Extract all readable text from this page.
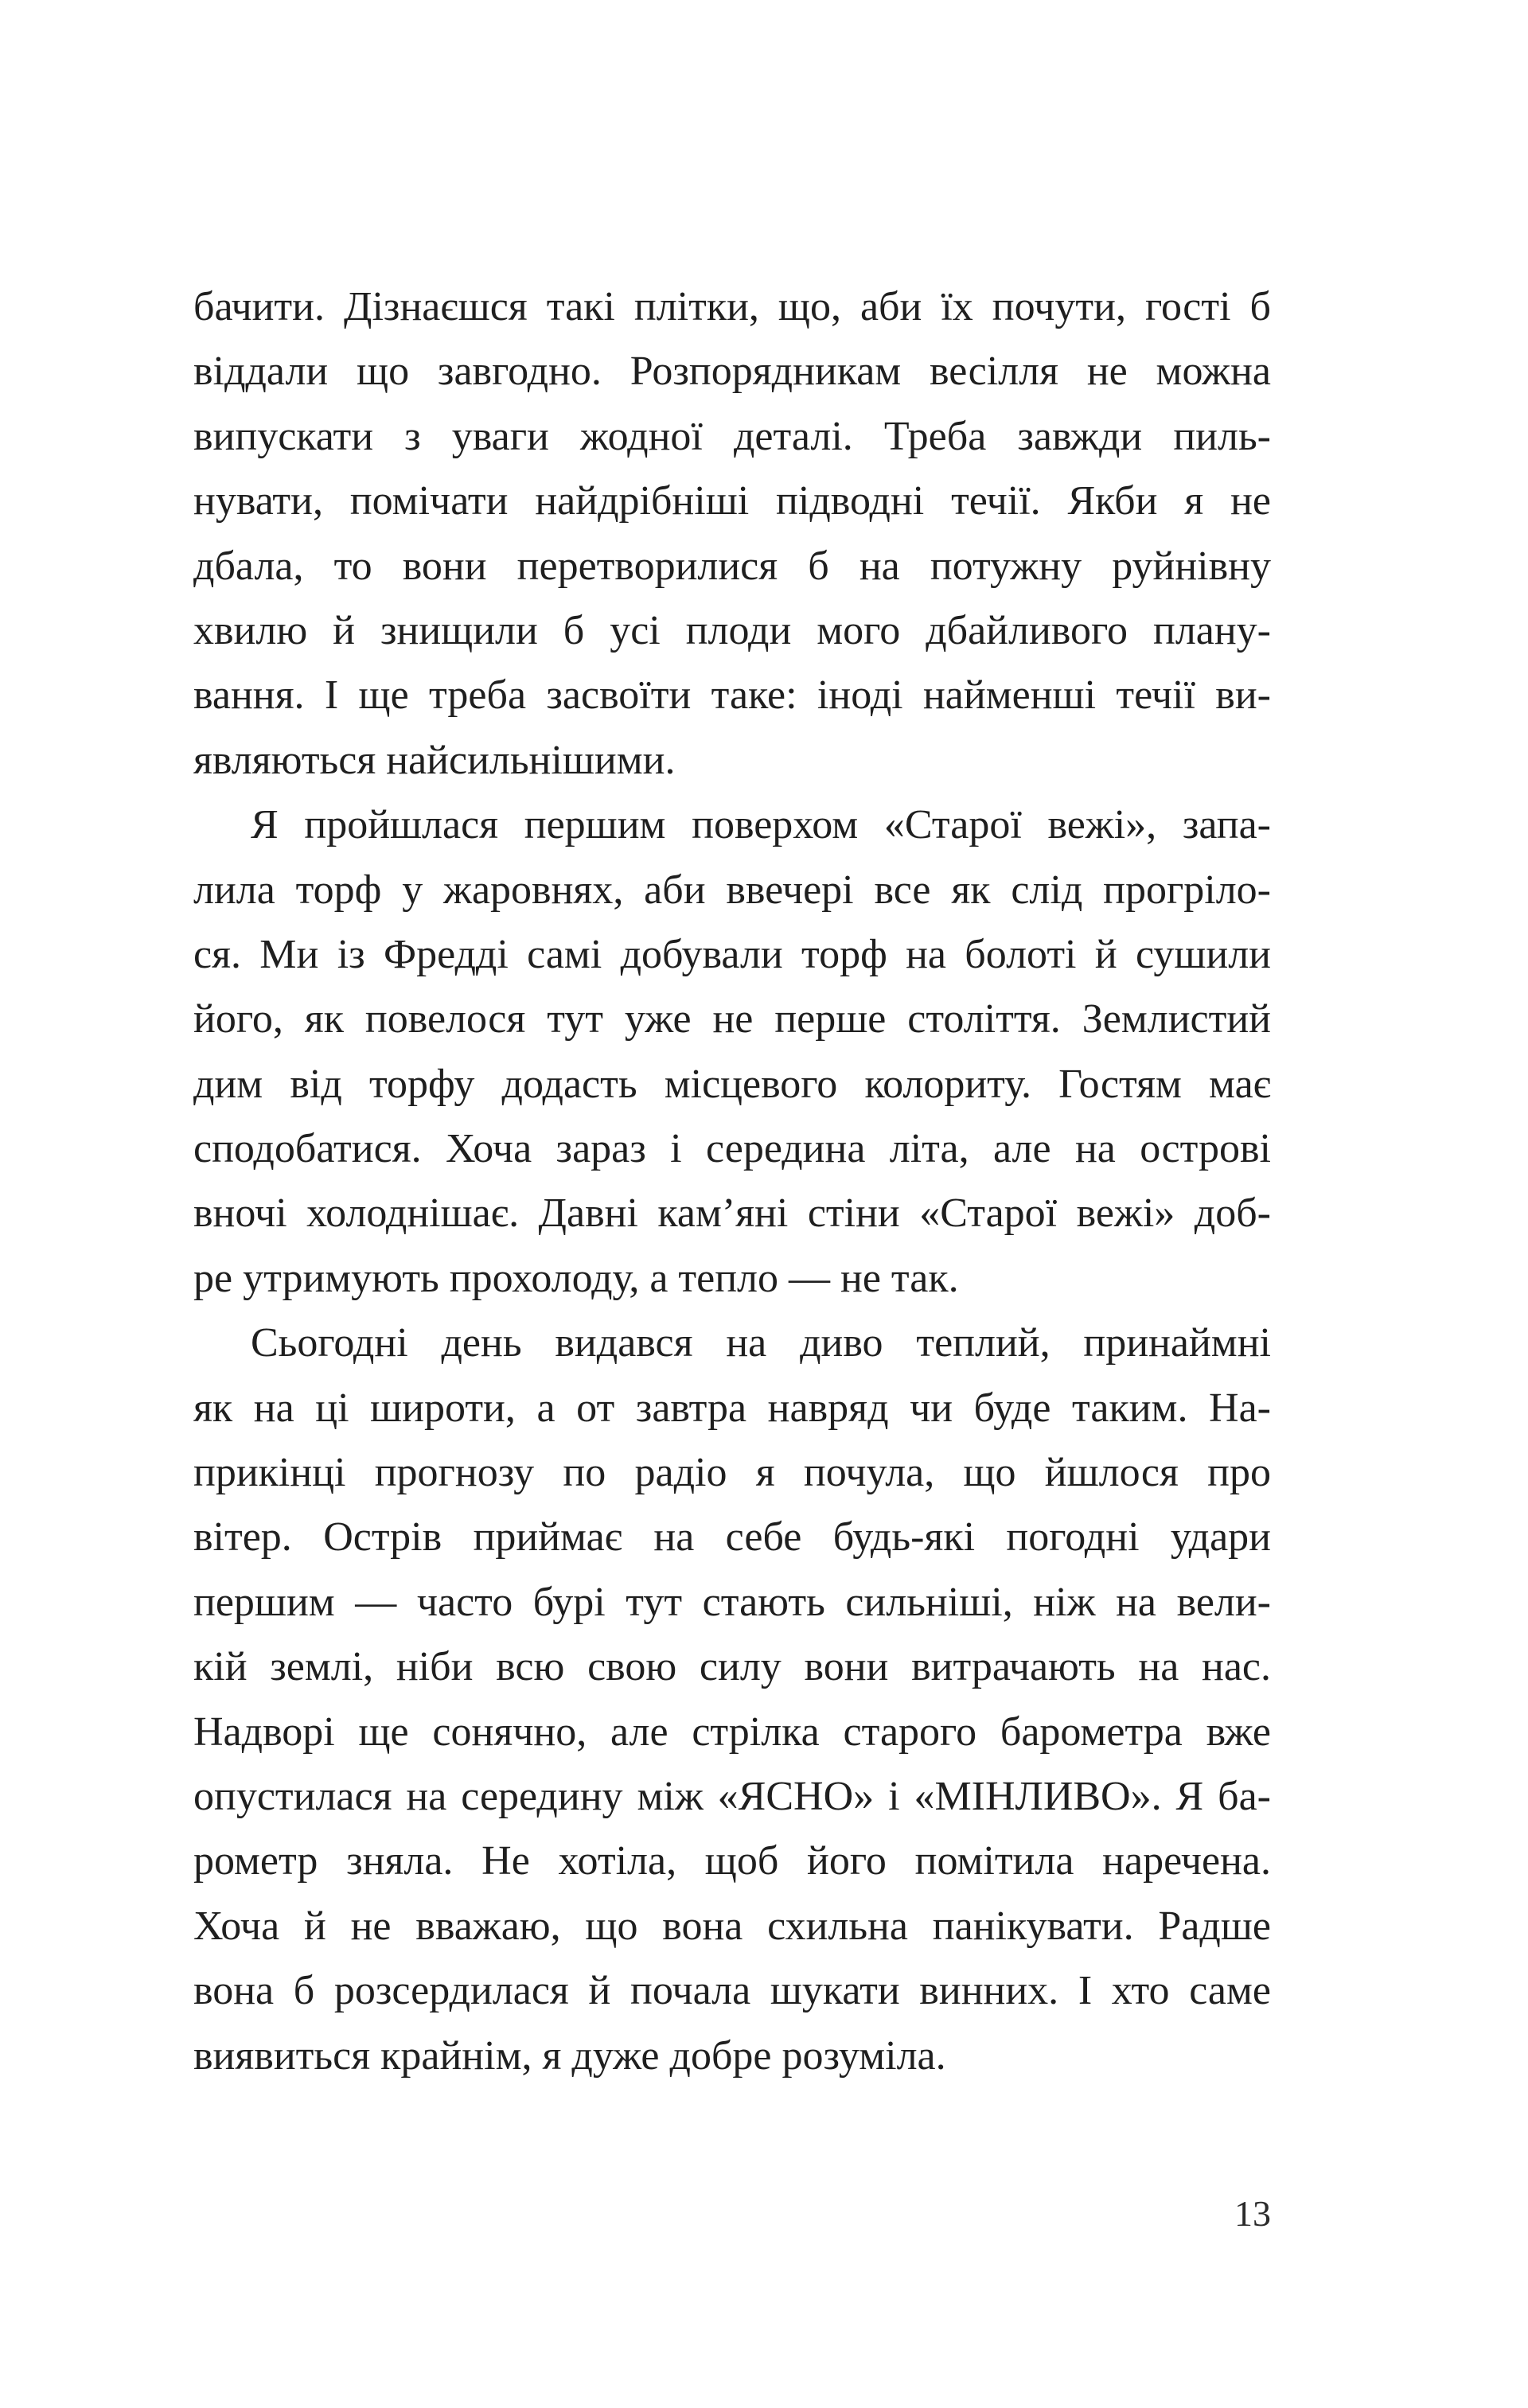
бачити. Дізнаєшся такі плітки, що, аби їх почути, гості б
віддали що завгодно. Розпорядникам весілля не можна
випускати з уваги жодної деталі. Треба завжди пиль-
нувати, помічати найдрібніші підводні течії. Якби я не
дбала, то вони перетворилися б на потужну руйнівну
хвилю й знищили б усі плоди мого дбайливого плану-
вання. І ще треба засвоїти таке: іноді найменші течії ви-
являються найсильнішими.
Я пройшлася першим поверхом «Старої вежі», запа-
лила торф у жаровнях, аби ввечері все як слід прогріло-
ся. Ми із Фредді самі добували торф на болоті й сушили
його, як повелося тут уже не перше століття. Землистий
дим від торфу додасть місцевого колориту. Гостям має
сподобатися. Хоча зараз і середина літа, але на острові
вночі холоднішає. Давні кам’яні стіни «Старої вежі» доб-
ре утримують прохолоду, а тепло — не так.
Сьогодні день видався на диво теплий, принаймні
як на ці широти, а от завтра навряд чи буде таким. На-
прикінці прогнозу по радіо я почула, що йшлося про
вітер. Острів приймає на себе будь-які погодні удари
першим — часто бурі тут стають сильніші, ніж на вели-
кій землі, ніби всю свою силу вони витрачають на нас.
Надворі ще сонячно, але стрілка старого барометра вже
опустилася на середину між «ЯСНО» і «МІНЛИВО». Я ба-
рометр зняла. Не хотіла, щоб його помітила наречена.
Хоча й не вважаю, що вона схильна панікувати. Радше
вона б розсердилася й почала шукати винних. І хто саме
виявиться крайнім, я дуже добре розуміла.
13
